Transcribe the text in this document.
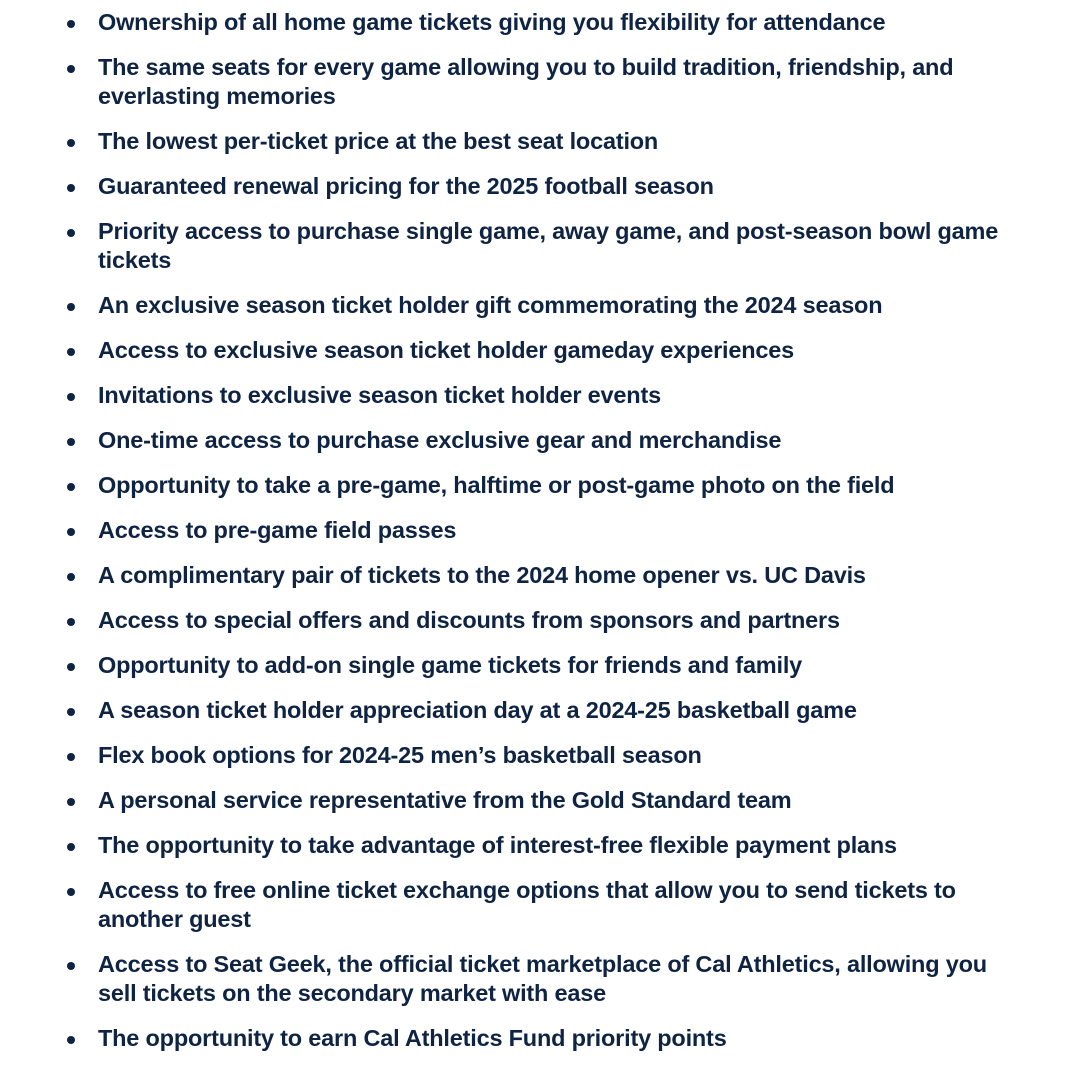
Ownership of all home game tickets giving you flexibility for attendance
The same seats for every game allowing you to build tradition, friendship, and everlasting memories
The lowest per-ticket price at the best seat location
Guaranteed renewal pricing for the 2025 football season
Priority access to purchase single game, away game, and post-season bowl game tickets
An exclusive season ticket holder gift commemorating the 2024 season
Access to exclusive season ticket holder gameday experiences
Invitations to exclusive season ticket holder events
One-time access to purchase exclusive gear and merchandise
Opportunity to take a pre-game, halftime or post-game photo on the field
Access to pre-game field passes
A complimentary pair of tickets to the 2024 home opener vs. UC Davis
Access to special offers and discounts from sponsors and partners
Opportunity to add-on single game tickets for friends and family
A season ticket holder appreciation day at a 2024-25 basketball game
Flex book options for 2024-25 men’s basketball season
A personal service representative from the Gold Standard team
The opportunity to take advantage of interest-free flexible payment plans
Access to free online ticket exchange options that allow you to send tickets to another guest
Access to Seat Geek, the official ticket marketplace of Cal Athletics, allowing you sell tickets on the secondary market with ease
The opportunity to earn Cal Athletics Fund priority points
